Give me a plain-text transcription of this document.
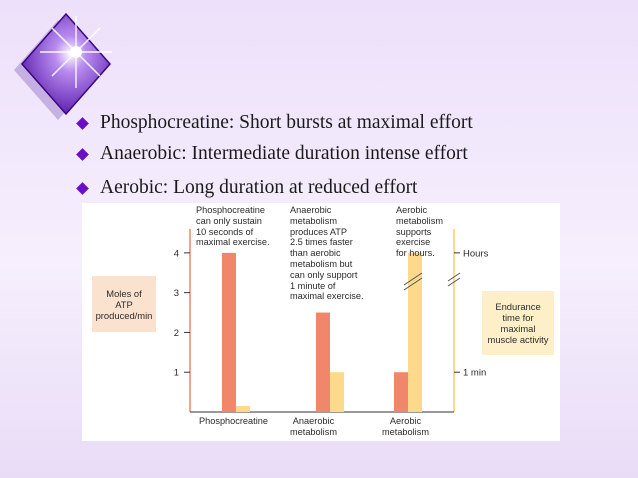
Phosphocreatine: Short bursts at maximal effort
Anaerobic: Intermediate duration intense effort
Aerobic: Long duration at reduced effort
1
2
3
4
1 min
Hours
Moles of
ATP
produced/min
Endurance
time for
maximal
muscle activity
Phosphocreatine
can only sustain
10 seconds of
maximal exercise.
Anaerobic
metabolism
produces ATP
2.5 times faster
than aerobic
metabolism but
can only support
1 minute of
maximal exercise.
Aerobic
metabolism
supports
exercise
for hours.
Phosphocreatine	Anaerobic
metabolism
Aerobic
metabolism
